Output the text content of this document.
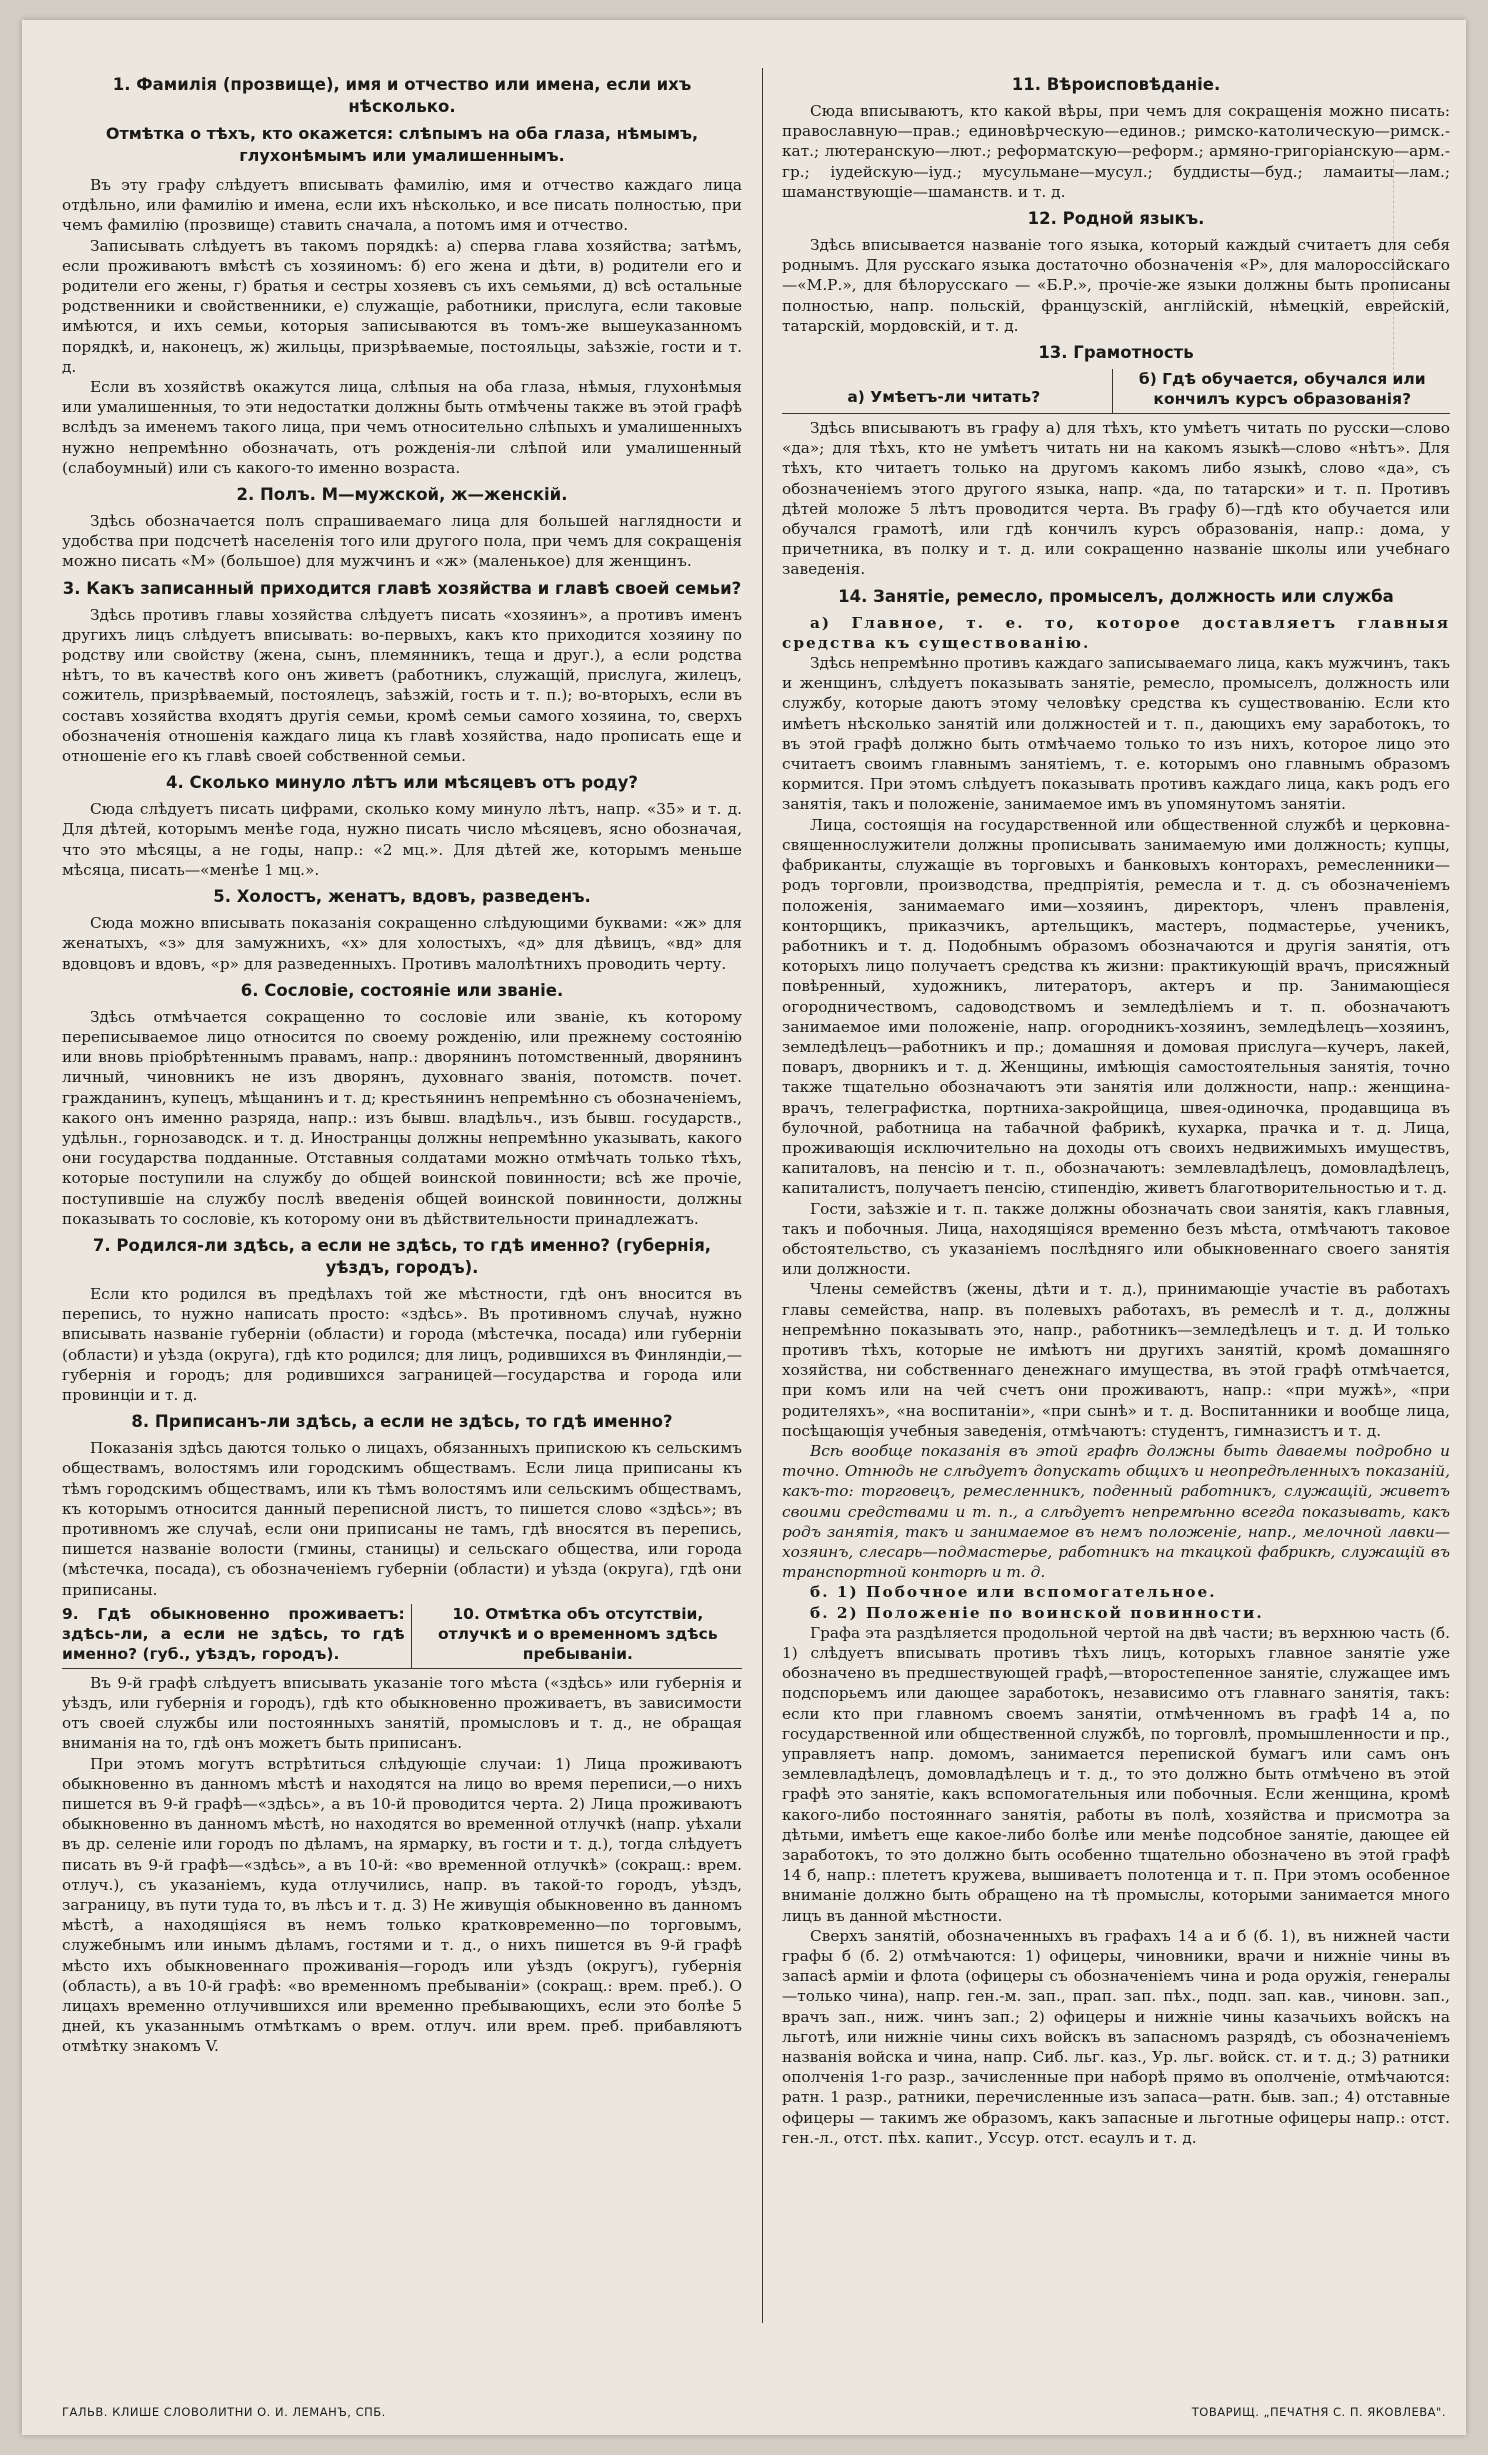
1. Фамилія (прозвище), имя и отчество или имена, если ихъ нѣсколько.
Отмѣтка о тѣхъ, кто окажется: слѣпымъ на оба глаза, нѣмымъ, глухонѣмымъ или умалишеннымъ.

Въ эту графу слѣдуетъ вписывать фамилію, имя и отчество каждаго лица отдѣльно, или фамилію и имена, если ихъ нѣсколько, и все писать полностью, при чемъ фамилію (прозвище) ставить сначала, а потомъ имя и отчество.

Записывать слѣдуетъ въ такомъ порядкѣ: а) сперва глава хозяйства; затѣмъ, если проживаютъ вмѣстѣ съ хозяиномъ: б) его жена и дѣти, в) родители его и родители его жены, г) братья и сестры хозяевъ съ ихъ семьями, д) всѣ остальные родственники и свойственники, е) служащіе, работники, прислуга, если таковые имѣются, и ихъ семьи, которыя записываются въ томъ-же вышеуказанномъ порядкѣ, и, наконецъ, ж) жильцы, призрѣваемые, постояльцы, заѣзжіе, гости и т. д.

Если въ хозяйствѣ окажутся лица, слѣпыя на оба глаза, нѣмыя, глухонѣмыя или умалишенныя, то эти недостатки должны быть отмѣчены также въ этой графѣ вслѣдъ за именемъ такого лица, при чемъ относительно слѣпыхъ и умалишенныхъ нужно непремѣнно обозначать, отъ рожденія-ли слѣпой или умалишенный (слабоумный) или съ какого-то именно возраста.

2. Полъ. М—мужской, ж—женскій.

Здѣсь обозначается полъ спрашиваемаго лица для большей наглядности и удобства при подсчетѣ населенія того или другого пола, при чемъ для сокращенія можно писать «М» (большое) для мужчинъ и «ж» (маленькое) для женщинъ.

3. Какъ записанный приходится главѣ хозяйства и главѣ своей семьи?

Здѣсь противъ главы хозяйства слѣдуетъ писать «хозяинъ», а противъ именъ другихъ лицъ слѣдуетъ вписывать: во-первыхъ, какъ кто приходится хозяину по родству или свойству (жена, сынъ, племянникъ, теща и друг.), а если родства нѣтъ, то въ качествѣ кого онъ живетъ (работникъ, служащій, прислуга, жилецъ, сожитель, призрѣваемый, постоялецъ, заѣзжій, гость и т. п.); во-вторыхъ, если въ составъ хозяйства входятъ другія семьи, кромѣ семьи самого хозяина, то, сверхъ обозначенія отношенія каждаго лица къ главѣ хозяйства, надо прописать еще и отношеніе его къ главѣ своей собственной семьи.

4. Сколько минуло лѣтъ или мѣсяцевъ отъ роду?

Сюда слѣдуетъ писать цифрами, сколько кому минуло лѣтъ, напр. «35» и т. д. Для дѣтей, которымъ менѣе года, нужно писать число мѣсяцевъ, ясно обозначая, что это мѣсяцы, а не годы, напр.: «2 мц.». Для дѣтей же, которымъ меньше мѣсяца, писать—«менѣе 1 мц.».

5. Холостъ, женатъ, вдовъ, разведенъ.

Сюда можно вписывать показанія сокращенно слѣдующими буквами: «ж» для женатыхъ, «з» для замужнихъ, «х» для холостыхъ, «д» для дѣвицъ, «вд» для вдовцовъ и вдовъ, «р» для разведенныхъ. Противъ малолѣтнихъ проводить черту.

6. Сословіе, состояніе или званіе.

Здѣсь отмѣчается сокращенно то сословіе или званіе, къ которому переписываемое лицо относится по своему рожденію, или прежнему состоянію или вновь пріобрѣтеннымъ правамъ, напр.: дворянинъ потомственный, дворянинъ личный, чиновникъ не изъ дворянъ, духовнаго званія, потомств. почет. гражданинъ, купецъ, мѣщанинъ и т. д; крестьянинъ непремѣнно съ обозначеніемъ, какого онъ именно разряда, напр.: изъ бывш. владѣльч., изъ бывш. государств., удѣльн., горнозаводск. и т. д. Иностранцы должны непремѣнно указывать, какого они государства подданные. Отставныя солдатами можно отмѣчать только тѣхъ, которые поступили на службу до общей воинской повинности; всѣ же прочіе, поступившіе на службу послѣ введенія общей воинской повинности, должны показывать то сословіе, къ которому они въ дѣйствительности принадлежатъ.

7. Родился-ли здѣсь, а если не здѣсь, то гдѣ именно? (губернія, уѣздъ, городъ).

Если кто родился въ предѣлахъ той же мѣстности, гдѣ онъ вносится въ перепись, то нужно написать просто: «здѣсь». Въ противномъ случаѣ, нужно вписывать названіе губерніи (области) и города (мѣстечка, посада) или губерніи (области) и уѣзда (округа), гдѣ кто родился; для лицъ, родившихся въ Финляндіи,—губернія и городъ; для родившихся заграницей—государства и города или провинціи и т. д.

8. Приписанъ-ли здѣсь, а если не здѣсь, то гдѣ именно?

Показанія здѣсь даются только о лицахъ, обязанныхъ припискою къ сельскимъ обществамъ, волостямъ или городскимъ обществамъ. Если лица приписаны къ тѣмъ городскимъ обществамъ, или къ тѣмъ волостямъ или сельскимъ обществамъ, къ которымъ относится данный переписной листъ, то пишется слово «здѣсь»; въ противномъ же случаѣ, если они приписаны не тамъ, гдѣ вносятся въ перепись, пишется названіе волости (гмины, станицы) и сельскаго общества, или города (мѣстечка, посада), съ обозначеніемъ губерніи (области) и уѣзда (округа), гдѣ они приписаны.

9. Гдѣ обыкновенно проживаетъ: здѣсь-ли, а если не здѣсь, то гдѣ именно? (губ., уѣздъ, городъ).
10. Отмѣтка объ отсутствіи, отлучкѣ и о временномъ здѣсь пребываніи.

Въ 9-й графѣ слѣдуетъ вписывать указаніе того мѣста («здѣсь» или губернія и уѣздъ, или губернія и городъ), гдѣ кто обыкновенно проживаетъ, въ зависимости отъ своей службы или постоянныхъ занятій, промысловъ и т. д., не обращая вниманія на то, гдѣ онъ можетъ быть приписанъ.

При этомъ могутъ встрѣтиться слѣдующіе случаи: 1) Лица проживаютъ обыкновенно въ данномъ мѣстѣ и находятся на лицо во время переписи,—о нихъ пишется въ 9-й графѣ—«здѣсь», а въ 10-й проводится черта. 2) Лица проживаютъ обыкновенно въ данномъ мѣстѣ, но находятся во временной отлучкѣ (напр. уѣхали въ др. селеніе или городъ по дѣламъ, на ярмарку, въ гости и т. д.), тогда слѣдуетъ писать въ 9-й графѣ—«здѣсь», а въ 10-й: «во временной отлучкѣ» (сокращ.: врем. отлуч.), съ указаніемъ, куда отлучились, напр. въ такой-то городъ, уѣздъ, заграницу, въ пути туда то, въ лѣсъ и т. д. 3) Не живущія обыкновенно въ данномъ мѣстѣ, а находящіяся въ немъ только кратковременно—по торговымъ, служебнымъ или инымъ дѣламъ, гостями и т. д., о нихъ пишется въ 9-й графѣ мѣсто ихъ обыкновеннаго проживанія—городъ или уѣздъ (округъ), губернія (область), а въ 10-й графѣ: «во временномъ пребываніи» (сокращ.: врем. преб.). О лицахъ временно отлучившихся или временно пребывающихъ, если это болѣе 5 дней, къ указаннымъ отмѣткамъ о врем. отлуч. или врем. преб. прибавляютъ отмѣтку знакомъ V.

11. Вѣроисповѣданіе.

Сюда вписываютъ, кто какой вѣры, при чемъ для сокращенія можно писать: православную—прав.; единовѣрческую—единов.; римско-католическую—римск.-кат.; лютеранскую—лют.; реформатскую—реформ.; армяно-григоріанскую—арм.-гр.; іудейскую—іуд.; мусульмане—мусул.; буддисты—буд.; ламаиты—лам.; шаманствующіе—шаманств. и т. д.

12. Родной языкъ.

Здѣсь вписывается названіе того языка, который каждый считаетъ для себя роднымъ. Для русскаго языка достаточно обозначенія «Р», для малороссійскаго—«М.Р.», для бѣлорусскаго — «Б.Р.», прочіе-же языки должны быть прописаны полностью, напр. польскій, французскій, англійскій, нѣмецкій, еврейскій, татарскій, мордовскій, и т. д.

13. Грамотность
а) Умѣетъ-ли читать?
б) Гдѣ обучается, обучался или кончилъ курсъ образованія?

Здѣсь вписываютъ въ графу а) для тѣхъ, кто умѣетъ читать по русски—слово «да»; для тѣхъ, кто не умѣетъ читать ни на какомъ языкѣ—слово «нѣтъ». Для тѣхъ, кто читаетъ только на другомъ какомъ либо языкѣ, слово «да», съ обозначеніемъ этого другого языка, напр. «да, по татарски» и т. п. Противъ дѣтей моложе 5 лѣтъ проводится черта. Въ графу б)—гдѣ кто обучается или обучался грамотѣ, или гдѣ кончилъ курсъ образованія, напр.: дома, у причетника, въ полку и т. д. или сокращенно названіе школы или учебнаго заведенія.

14. Занятіе, ремесло, промыселъ, должность или служба

а) Главное, т. е. то, которое доставляетъ главныя средства къ существованію.

Здѣсь непремѣнно противъ каждаго записываемаго лица, какъ мужчинъ, такъ и женщинъ, слѣдуетъ показывать занятіе, ремесло, промыселъ, должность или службу, которые даютъ этому человѣку средства къ существованію. Если кто имѣетъ нѣсколько занятій или должностей и т. п., дающихъ ему заработокъ, то въ этой графѣ должно быть отмѣчаемо только то изъ нихъ, которое лицо это считаетъ своимъ главнымъ занятіемъ, т. е. которымъ оно главнымъ образомъ кормится. При этомъ слѣдуетъ показывать противъ каждаго лица, какъ родъ его занятія, такъ и положеніе, занимаемое имъ въ упомянутомъ занятіи.

Лица, состоящія на государственной или общественной службѣ и церковна-священнослужители должны прописывать занимаемую ими должность; купцы, фабриканты, служащіе въ торговыхъ и банковыхъ конторахъ, ремесленники—родъ торговли, производства, предпріятія, ремесла и т. д. съ обозначеніемъ положенія, занимаемаго ими—хозяинъ, директоръ, членъ правленія, конторщикъ, приказчикъ, артельщикъ, мастеръ, подмастерье, ученикъ, работникъ и т. д. Подобнымъ образомъ обозначаются и другія занятія, отъ которыхъ лицо получаетъ средства къ жизни: практикующій врачъ, присяжный повѣренный, художникъ, литераторъ, актеръ и пр. Занимающіеся огородничествомъ, садоводствомъ и земледѣліемъ и т. п. обозначаютъ занимаемое ими положеніе, напр. огородникъ-хозяинъ, земледѣлецъ—хозяинъ, земледѣлецъ—работникъ и пр.; домашняя и домовая прислуга—кучеръ, лакей, поваръ, дворникъ и т. д. Женщины, имѣющія самостоятельныя занятія, точно также тщательно обозначаютъ эти занятія или должности, напр.: женщина-врачъ, телеграфистка, портниха-закройщица, швея-одиночка, продавщица въ булочной, работница на табачной фабрикѣ, кухарка, прачка и т. д. Лица, проживающія исключительно на доходы отъ своихъ недвижимыхъ имуществъ, капиталовъ, на пенсію и т. п., обозначаютъ: землевладѣлецъ, домовладѣлецъ, капиталистъ, получаетъ пенсію, стипендію, живетъ благотворительностью и т. д.

Гости, заѣзжіе и т. п. также должны обозначать свои занятія, какъ главныя, такъ и побочныя. Лица, находящіяся временно безъ мѣста, отмѣчаютъ таковое обстоятельство, съ указаніемъ послѣдняго или обыкновеннаго своего занятія или должности.

Члены семействъ (жены, дѣти и т. д.), принимающіе участіе въ работахъ главы семейства, напр. въ полевыхъ работахъ, въ ремеслѣ и т. д., должны непремѣнно показывать это, напр., работникъ—земледѣлецъ и т. д. И только противъ тѣхъ, которые не имѣютъ ни другихъ занятій, кромѣ домашняго хозяйства, ни собственнаго денежнаго имущества, въ этой графѣ отмѣчается, при комъ или на чей счетъ они проживаютъ, напр.: «при мужѣ», «при родителяхъ», «на воспитаніи», «при сынѣ» и т. д. Воспитанники и вообще лица, посѣщающія учебныя заведенія, отмѣчаютъ: студентъ, гимназистъ и т. д.

Всѣ вообще показанія въ этой графѣ должны быть даваемы подробно и точно. Отнюдь не слѣдуетъ допускать общихъ и неопредѣленныхъ показаній, какъ-то: торговецъ, ремесленникъ, поденный работникъ, служащій, живетъ своими средствами и т. п., а слѣдуетъ непремѣнно всегда показывать, какъ родъ занятія, такъ и занимаемое въ немъ положеніе, напр., мелочной лавки—хозяинъ, слесарь—подмастерье, работникъ на ткацкой фабрикѣ, служащій въ транспортной конторѣ и т. д.

б. 1) Побочное или вспомогательное.

б. 2) Положеніе по воинской повинности.

Графа эта раздѣляется продольной чертой на двѣ части; въ верхнюю часть (б. 1) слѣдуетъ вписывать противъ тѣхъ лицъ, которыхъ главное занятіе уже обозначено въ предшествующей графѣ,—второстепенное занятіе, служащее имъ подспорьемъ или дающее заработокъ, независимо отъ главнаго занятія, такъ: если кто при главномъ своемъ занятіи, отмѣченномъ въ графѣ 14 а, по государственной или общественной службѣ, по торговлѣ, промышленности и пр., управляетъ напр. домомъ, занимается перепиской бумагъ или самъ онъ землевладѣлецъ, домовладѣлецъ и т. д., то это должно быть отмѣчено въ этой графѣ это занятіе, какъ вспомогательныя или побочныя. Если женщина, кромѣ какого-либо постояннаго занятія, работы въ полѣ, хозяйства и присмотра за дѣтьми, имѣетъ еще какое-либо болѣе или менѣе подсобное занятіе, дающее ей заработокъ, то это должно быть особенно тщательно обозначено въ этой графѣ 14 б, напр.: плететъ кружева, вышиваетъ полотенца и т. п. При этомъ особенное вниманіе должно быть обращено на тѣ промыслы, которыми занимается много лицъ въ данной мѣстности.

Сверхъ занятій, обозначенныхъ въ графахъ 14 а и б (б. 1), въ нижней части графы б (б. 2) отмѣчаются: 1) офицеры, чиновники, врачи и нижніе чины въ запасѣ арміи и флота (офицеры съ обозначеніемъ чина и рода оружія, генералы—только чина), напр. ген.-м. зап., прап. зап. пѣх., подп. зап. кав., чиновн. зап., врачъ зап., ниж. чинъ зап.; 2) офицеры и нижніе чины казачьихъ войскъ на льготѣ, или нижніе чины сихъ войскъ въ запасномъ разрядѣ, съ обозначеніемъ названія войска и чина, напр. Сиб. льг. каз., Ур. льг. войск. ст. и т. д.; 3) ратники ополченія 1-го разр., зачисленные при наборѣ прямо въ ополченіе, отмѣчаются: ратн. 1 разр., ратники, перечисленные изъ запаса—ратн. быв. зап.; 4) отставные офицеры — такимъ же образомъ, какъ запасные и льготные офицеры напр.: отст. ген.-л., отст. пѣх. капит., Уссур. отст. есаулъ и т. д.

ГАЛЬВ. КЛИШЕ СЛОВОЛИТНИ О. И. ЛЕМАНЪ, СПБ.	ТОВАРИЩ. „ПЕЧАТНЯ С. П. ЯКОВЛЕВА".
